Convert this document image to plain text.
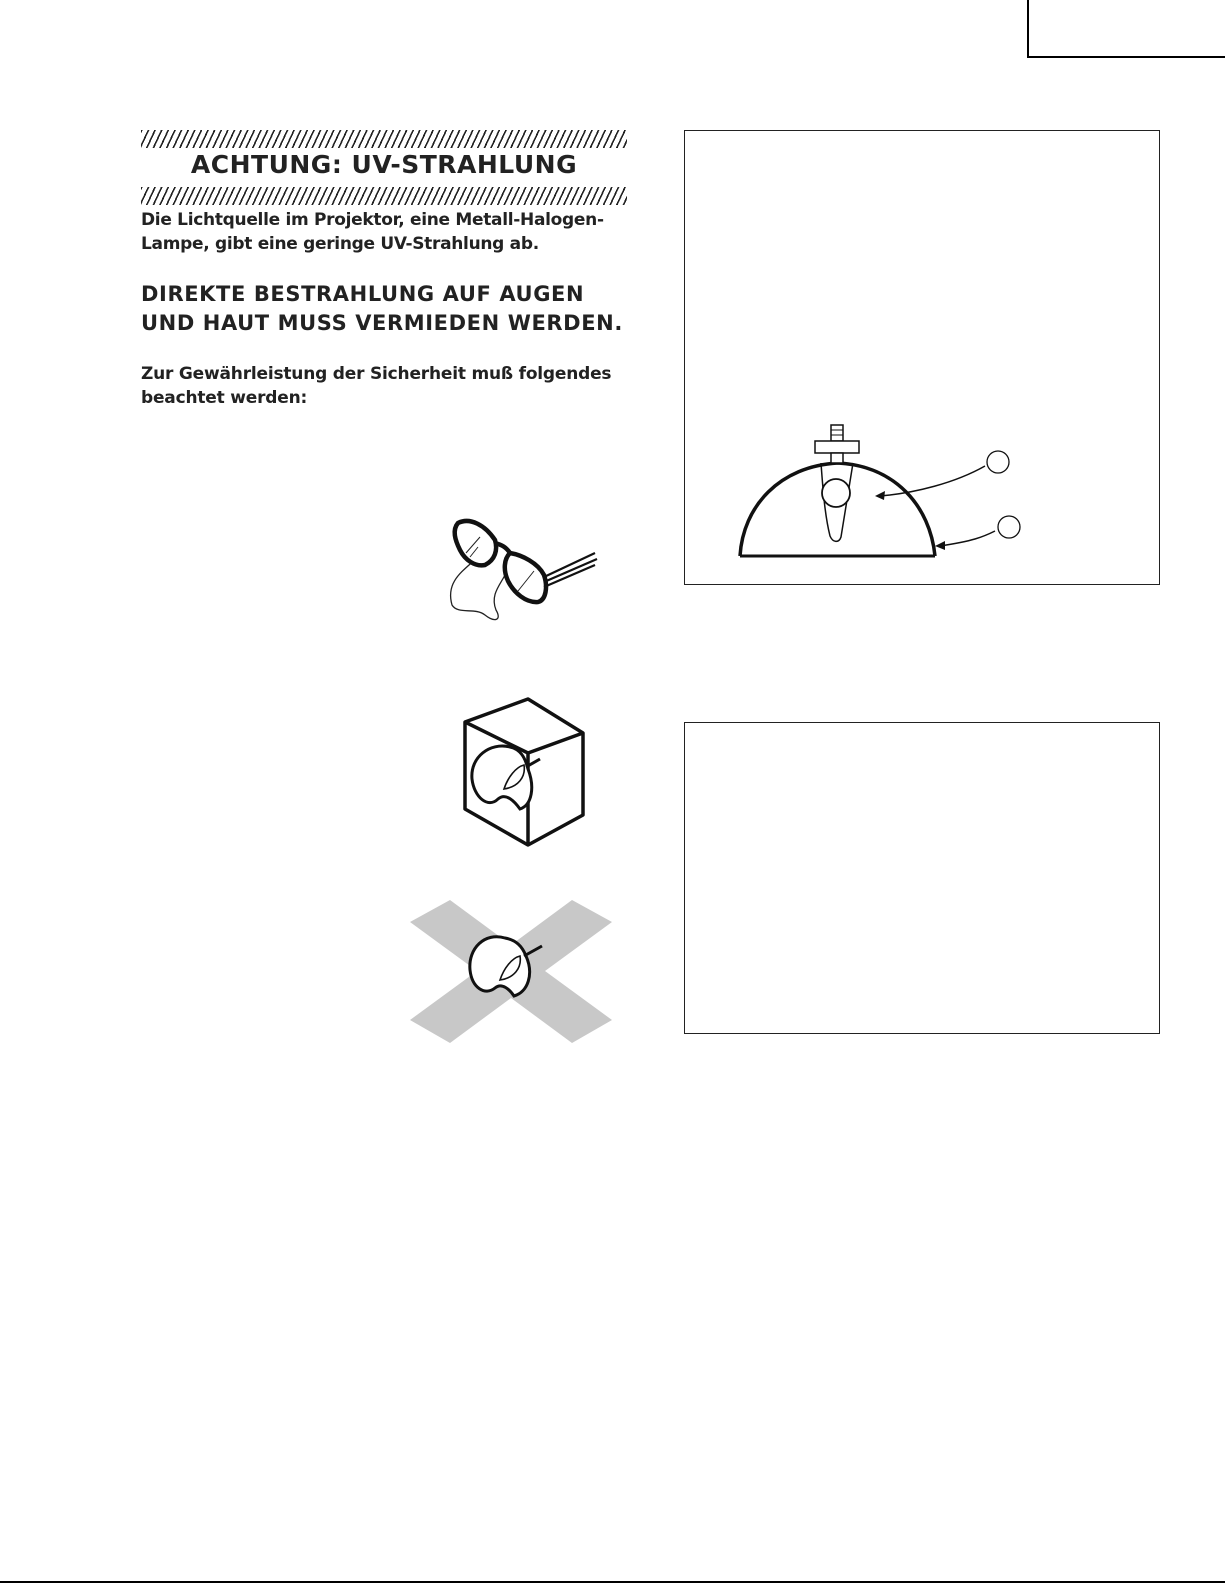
ACHTUNG: UV-STRAHLUNG
Die Lichtquelle im Projektor, eine Metall-Halogen-
Lampe, gibt eine geringe UV-Strahlung ab.
DIREKTE BESTRAHLUNG AUF AUGEN
UND HAUT MUSS VERMIEDEN WERDEN.
Zur Gewährleistung der Sicherheit muß folgendes
beachtet werden:
